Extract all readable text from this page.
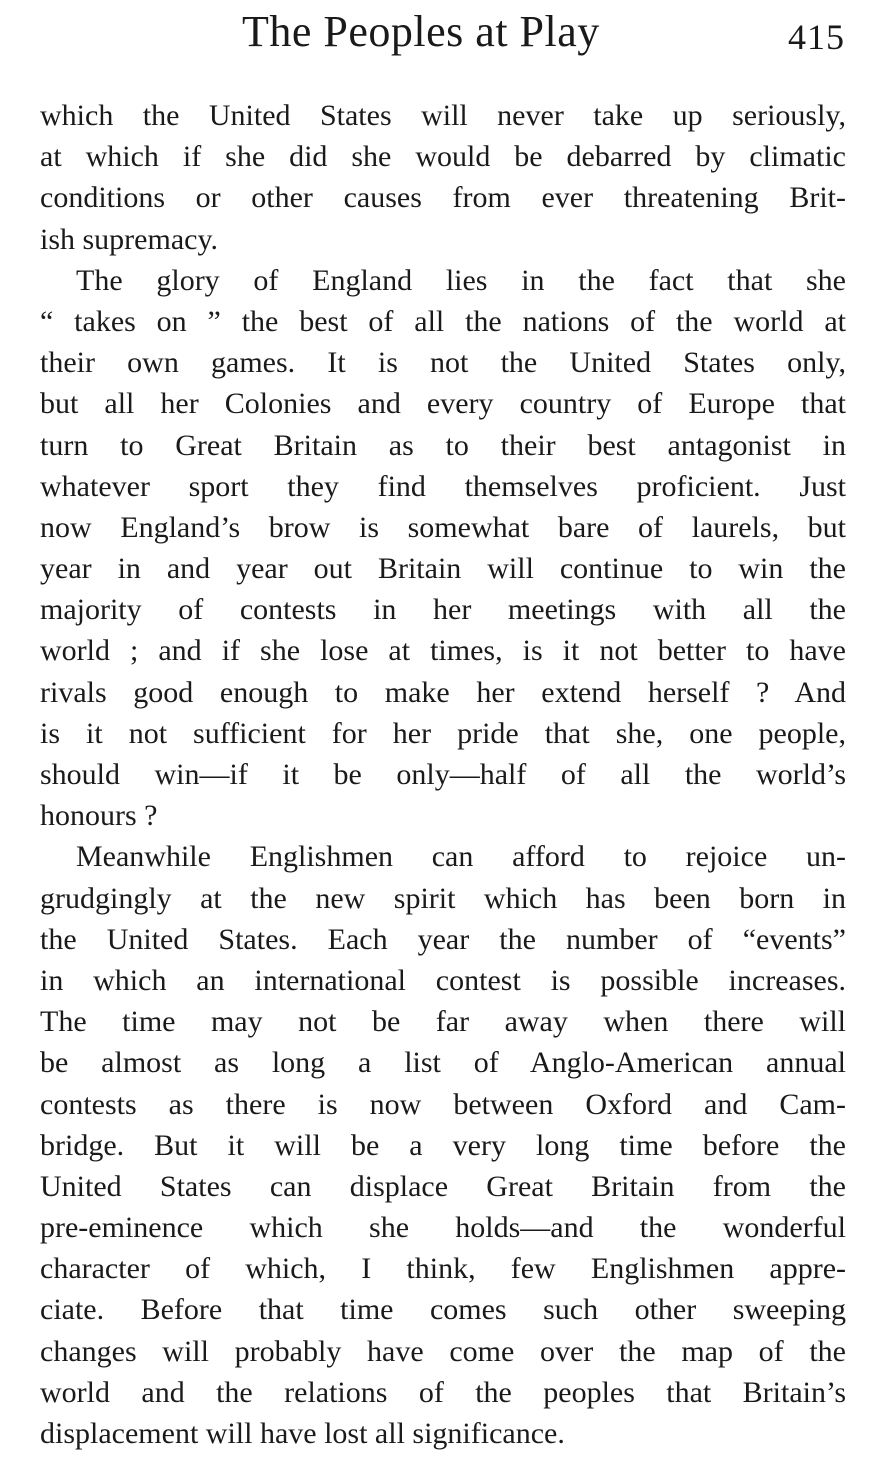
The Peoples at Play	415
which the United States will never take up seriously,
at which if she did she would be debarred by climatic
conditions or other causes from ever threatening Brit-
ish supremacy.
The glory of England lies in the fact that she
“ takes on ” the best of all the nations of the world at
their own games. It is not the United States only,
but all her Colonies and every country of Europe that
turn to Great Britain as to their best antagonist in
whatever sport they find themselves proficient. Just
now England’s brow is somewhat bare of laurels, but
year in and year out Britain will continue to win the
majority of contests in her meetings with all the
world ; and if she lose at times, is it not better to have
rivals good enough to make her extend herself ? And
is it not sufficient for her pride that she, one people,
should win—if it be only—half of all the world’s
honours ?
Meanwhile Englishmen can afford to rejoice un-
grudgingly at the new spirit which has been born in
the United States. Each year the number of “events”
in which an international contest is possible increases.
The time may not be far away when there will
be almost as long a list of Anglo-American annual
contests as there is now between Oxford and Cam-
bridge. But it will be a very long time before the
United States can displace Great Britain from the
pre-eminence which she holds—and the wonderful
character of which, I think, few Englishmen appre-
ciate. Before that time comes such other sweeping
changes will probably have come over the map of the
world and the relations of the peoples that Britain’s
displacement will have lost all significance.
